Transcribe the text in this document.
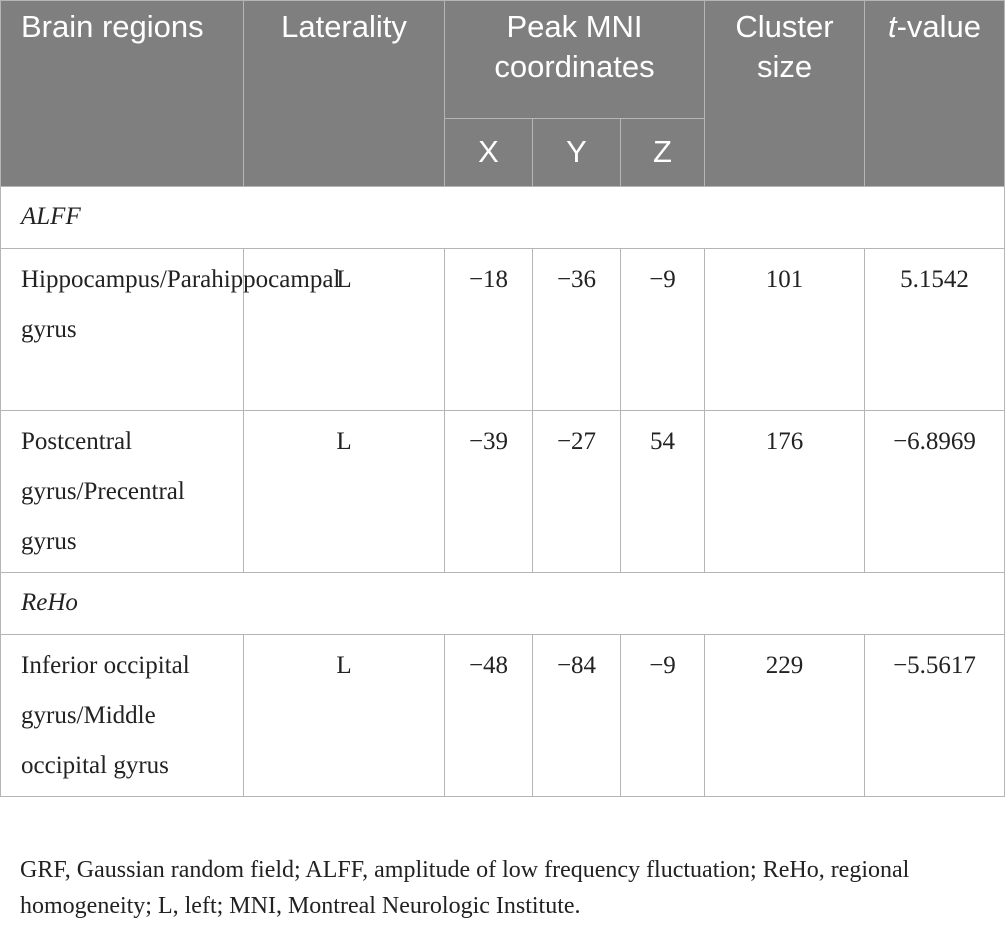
Brain regions	Laterality	Peak MNI coordinates			Cluster size	t-value
		X	Y	Z		
ALFF						
Hippocampus/Parahippocampal gyrus	L	−18	−36	−9	101	5.1542
Postcentral gyrus/Precentral gyrus	L	−39	−27	54	176	−6.8969
ReHo						
Inferior occipital gyrus/Middle occipital gyrus	L	−48	−84	−9	229	−5.5617

GRF, Gaussian random field; ALFF, amplitude of low frequency fluctuation; ReHo, regional homogeneity; L, left; MNI, Montreal Neurologic Institute.
